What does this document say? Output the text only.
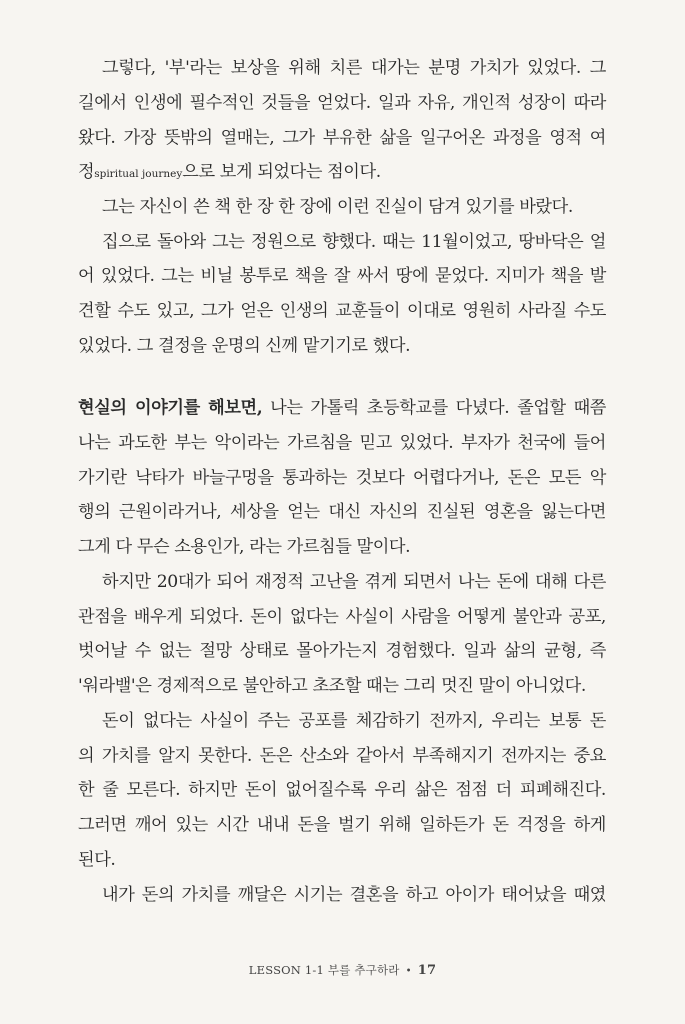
그렇다, '부'라는 보상을 위해 치른 대가는 분명 가치가 있었다. 그
길에서 인생에 필수적인 것들을 얻었다. 일과 자유, 개인적 성장이 따라
왔다. 가장 뜻밖의 열매는, 그가 부유한 삶을 일구어온 과정을 영적 여
정spiritual journey으로 보게 되었다는 점이다.
그는 자신이 쓴 책 한 장 한 장에 이런 진실이 담겨 있기를 바랐다.
집으로 돌아와 그는 정원으로 향했다. 때는 11월이었고, 땅바닥은 얼
어 있었다. 그는 비닐 봉투로 책을 잘 싸서 땅에 묻었다. 지미가 책을 발
견할 수도 있고, 그가 얻은 인생의 교훈들이 이대로 영원히 사라질 수도
있었다. 그 결정을 운명의 신께 맡기기로 했다.
현실의 이야기를 해보면, 나는 가톨릭 초등학교를 다녔다. 졸업할 때쯤
나는 과도한 부는 악이라는 가르침을 믿고 있었다. 부자가 천국에 들어
가기란 낙타가 바늘구멍을 통과하는 것보다 어렵다거나, 돈은 모든 악
행의 근원이라거나, 세상을 얻는 대신 자신의 진실된 영혼을 잃는다면
그게 다 무슨 소용인가, 라는 가르침들 말이다.
하지만 20대가 되어 재정적 고난을 겪게 되면서 나는 돈에 대해 다른
관점을 배우게 되었다. 돈이 없다는 사실이 사람을 어떻게 불안과 공포,
벗어날 수 없는 절망 상태로 몰아가는지 경험했다. 일과 삶의 균형, 즉
'워라밸'은 경제적으로 불안하고 초조할 때는 그리 멋진 말이 아니었다.
돈이 없다는 사실이 주는 공포를 체감하기 전까지, 우리는 보통 돈
의 가치를 알지 못한다. 돈은 산소와 같아서 부족해지기 전까지는 중요
한 줄 모른다. 하지만 돈이 없어질수록 우리 삶은 점점 더 피폐해진다.
그러면 깨어 있는 시간 내내 돈을 벌기 위해 일하든가 돈 걱정을 하게
된다.
내가 돈의 가치를 깨달은 시기는 결혼을 하고 아이가 태어났을 때였
LESSON 1-1 부를 추구하라 • 17
